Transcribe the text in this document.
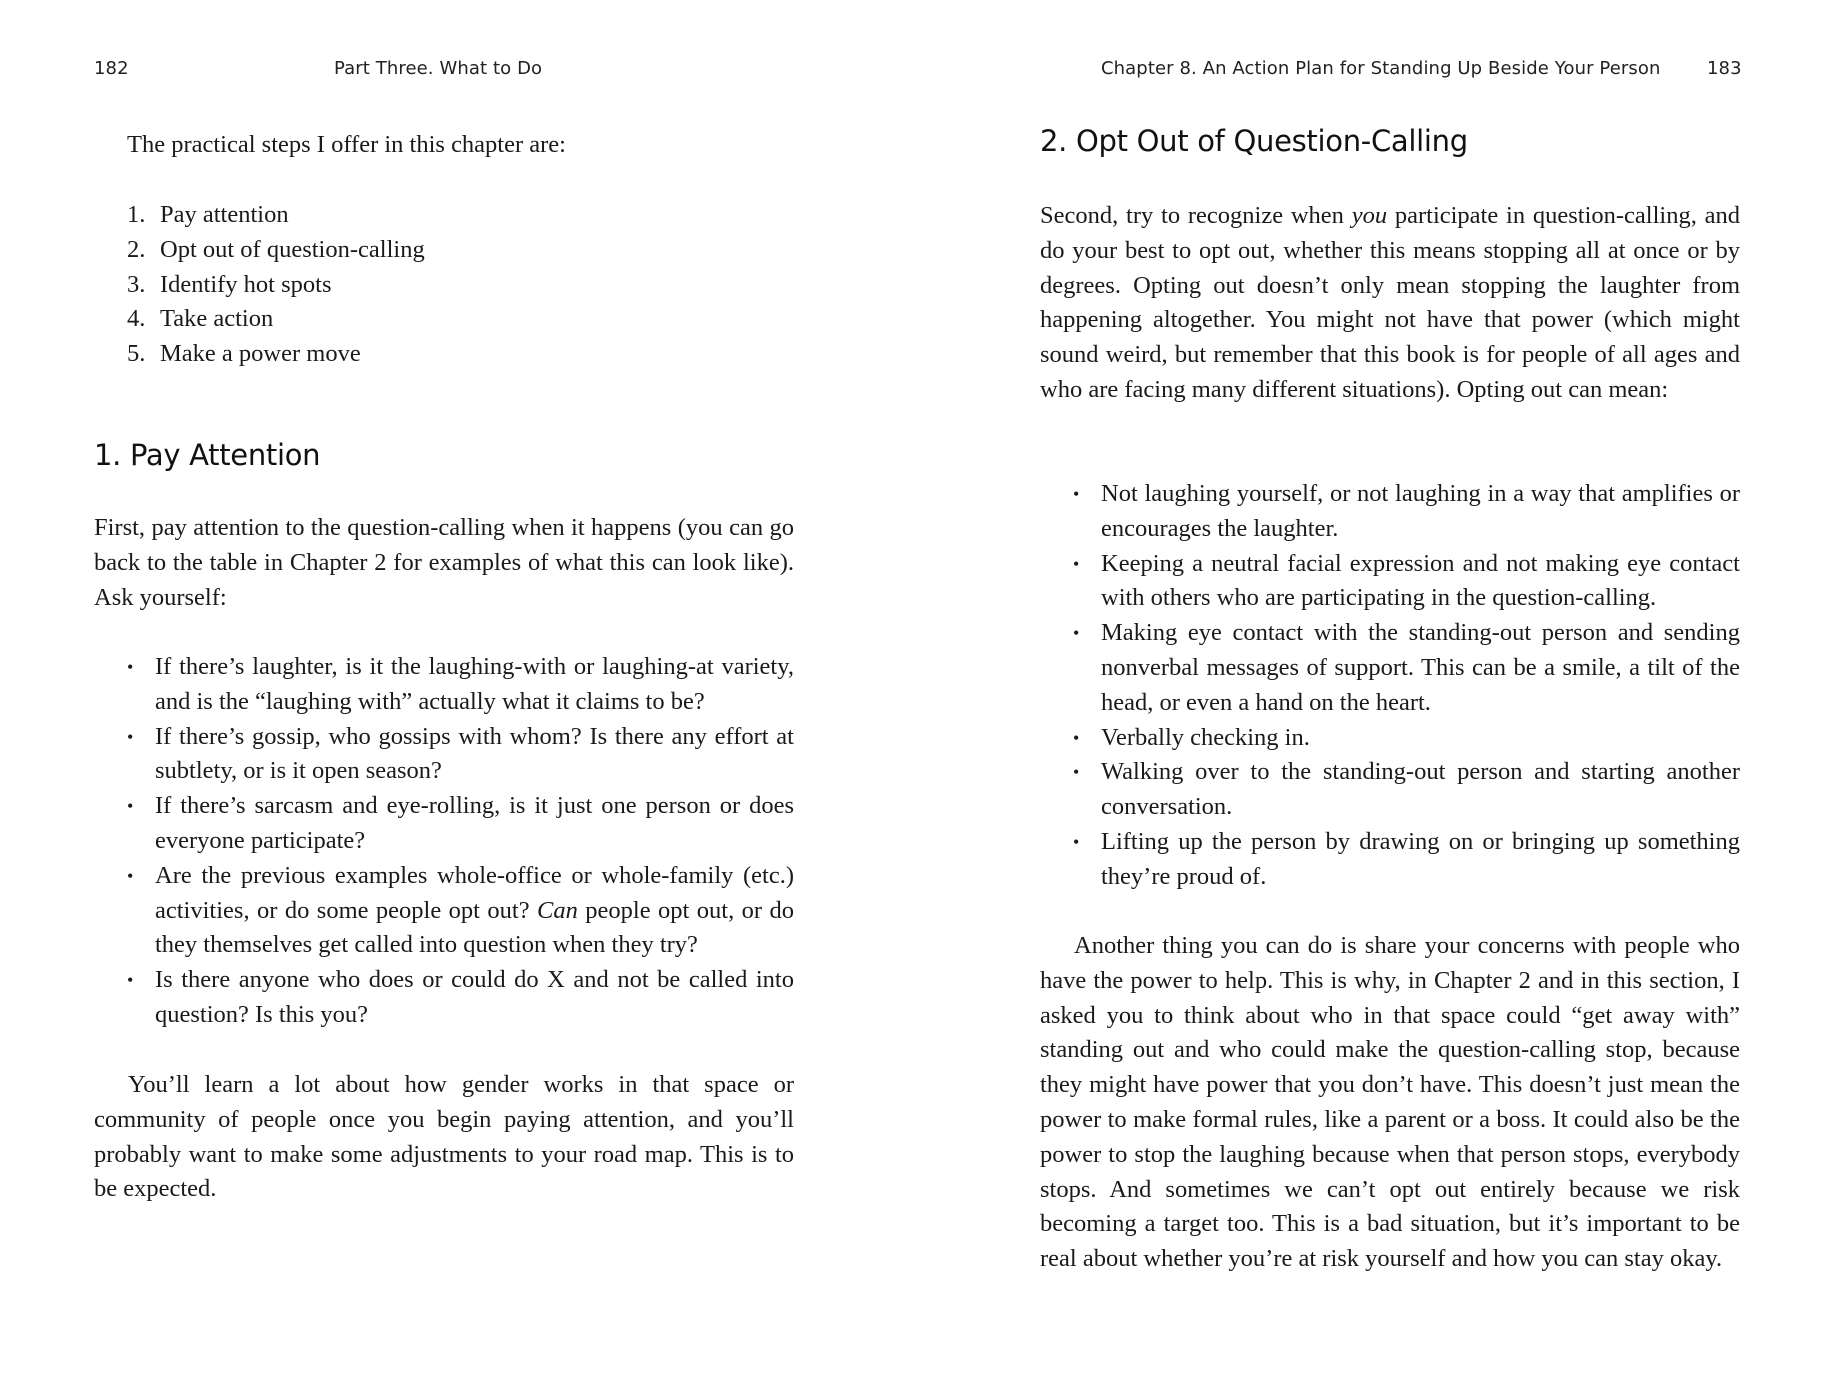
182	Part Three. What to Do

The practical steps I offer in this chapter are:

1. Pay attention
2. Opt out of question-calling
3. Identify hot spots
4. Take action
5. Make a power move
1. Pay Attention

First, pay attention to the question-calling when it happens (you can go back to the table in Chapter 2 for examples of what this can look like). Ask yourself:

• If there’s laughter, is it the laughing-with or laughing-at variety, and is the “laughing with” actually what it claims to be?
• If there’s gossip, who gossips with whom? Is there any effort at subtlety, or is it open season?
• If there’s sarcasm and eye-rolling, is it just one person or does everyone participate?
• Are the previous examples whole-office or whole-family (etc.) activities, or do some people opt out? Can people opt out, or do they themselves get called into question when they try?
• Is there anyone who does or could do X and not be called into question? Is this you?

You’ll learn a lot about how gender works in that space or community of people once you begin paying attention, and you’ll probably want to make some adjustments to your road map. This is to be expected.

Chapter 8. An Action Plan for Standing Up Beside Your Person	183
2. Opt Out of Question-Calling

Second, try to recognize when you participate in question-calling, and do your best to opt out, whether this means stopping all at once or by degrees. Opting out doesn’t only mean stopping the laughter from happening altogether. You might not have that power (which might sound weird, but remember that this book is for people of all ages and who are facing many different situations). Opting out can mean:

• Not laughing yourself, or not laughing in a way that amplifies or encourages the laughter.
• Keeping a neutral facial expression and not making eye contact with others who are participating in the question-calling.
• Making eye contact with the standing-out person and sending nonverbal messages of support. This can be a smile, a tilt of the head, or even a hand on the heart.
• Verbally checking in.
• Walking over to the standing-out person and starting another conversation.
• Lifting up the person by drawing on or bringing up something they’re proud of.

Another thing you can do is share your concerns with people who have the power to help. This is why, in Chapter 2 and in this section, I asked you to think about who in that space could “get away with” standing out and who could make the question-calling stop, because they might have power that you don’t have. This doesn’t just mean the power to make formal rules, like a parent or a boss. It could also be the power to stop the laughing because when that person stops, everybody stops. And sometimes we can’t opt out entirely because we risk becoming a target too. This is a bad situation, but it’s important to be real about whether you’re at risk yourself and how you can stay okay.
